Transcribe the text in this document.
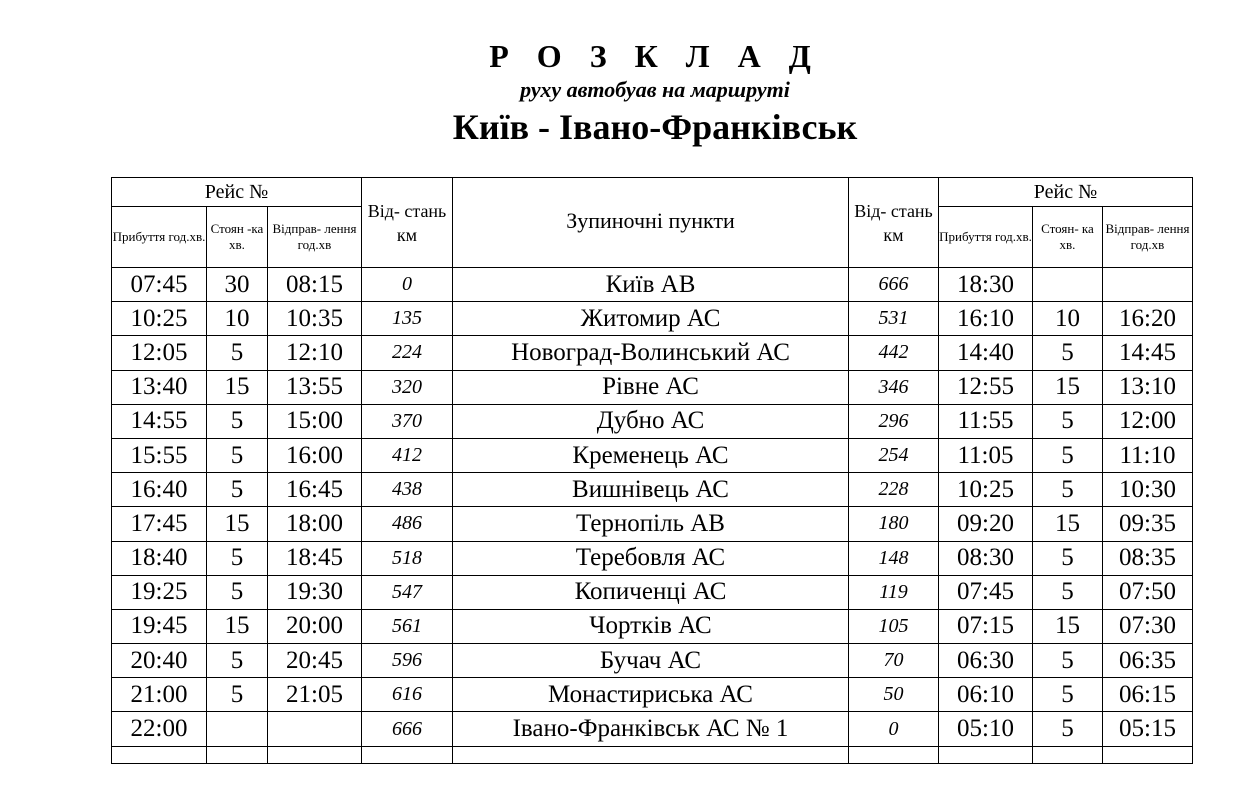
Р О З К Л А Д
руху автобуав на маршруті
Київ - Івано-Франківськ
Рейс №			Від- стань км	Зупиночні пункти	Від- стань км	Рейс №		
Прибуття год.хв.	Стоян -ка хв.	Відправ- лення год.хв				Прибуття год.хв.	Стоян- ка хв.	Відправ- лення год.хв
07:45	30	08:15	0	Київ АВ	666	18:30		
10:25	10	10:35	135	Житомир АС	531	16:10	10	16:20
12:05	5	12:10	224	Новоград-Волинський АС	442	14:40	5	14:45
13:40	15	13:55	320	Рівне АС	346	12:55	15	13:10
14:55	5	15:00	370	Дубно АС	296	11:55	5	12:00
15:55	5	16:00	412	Кременець АС	254	11:05	5	11:10
16:40	5	16:45	438	Вишнівець АС	228	10:25	5	10:30
17:45	15	18:00	486	Тернопіль АВ	180	09:20	15	09:35
18:40	5	18:45	518	Теребовля АС	148	08:30	5	08:35
19:25	5	19:30	547	Копиченці АС	119	07:45	5	07:50
19:45	15	20:00	561	Чортків АС	105	07:15	15	07:30
20:40	5	20:45	596	Бучач АС	70	06:30	5	06:35
21:00	5	21:05	616	Монастириська АС	50	06:10	5	06:15
22:00			666	Івано-Франківськ АС № 1	0	05:10	5	05:15
